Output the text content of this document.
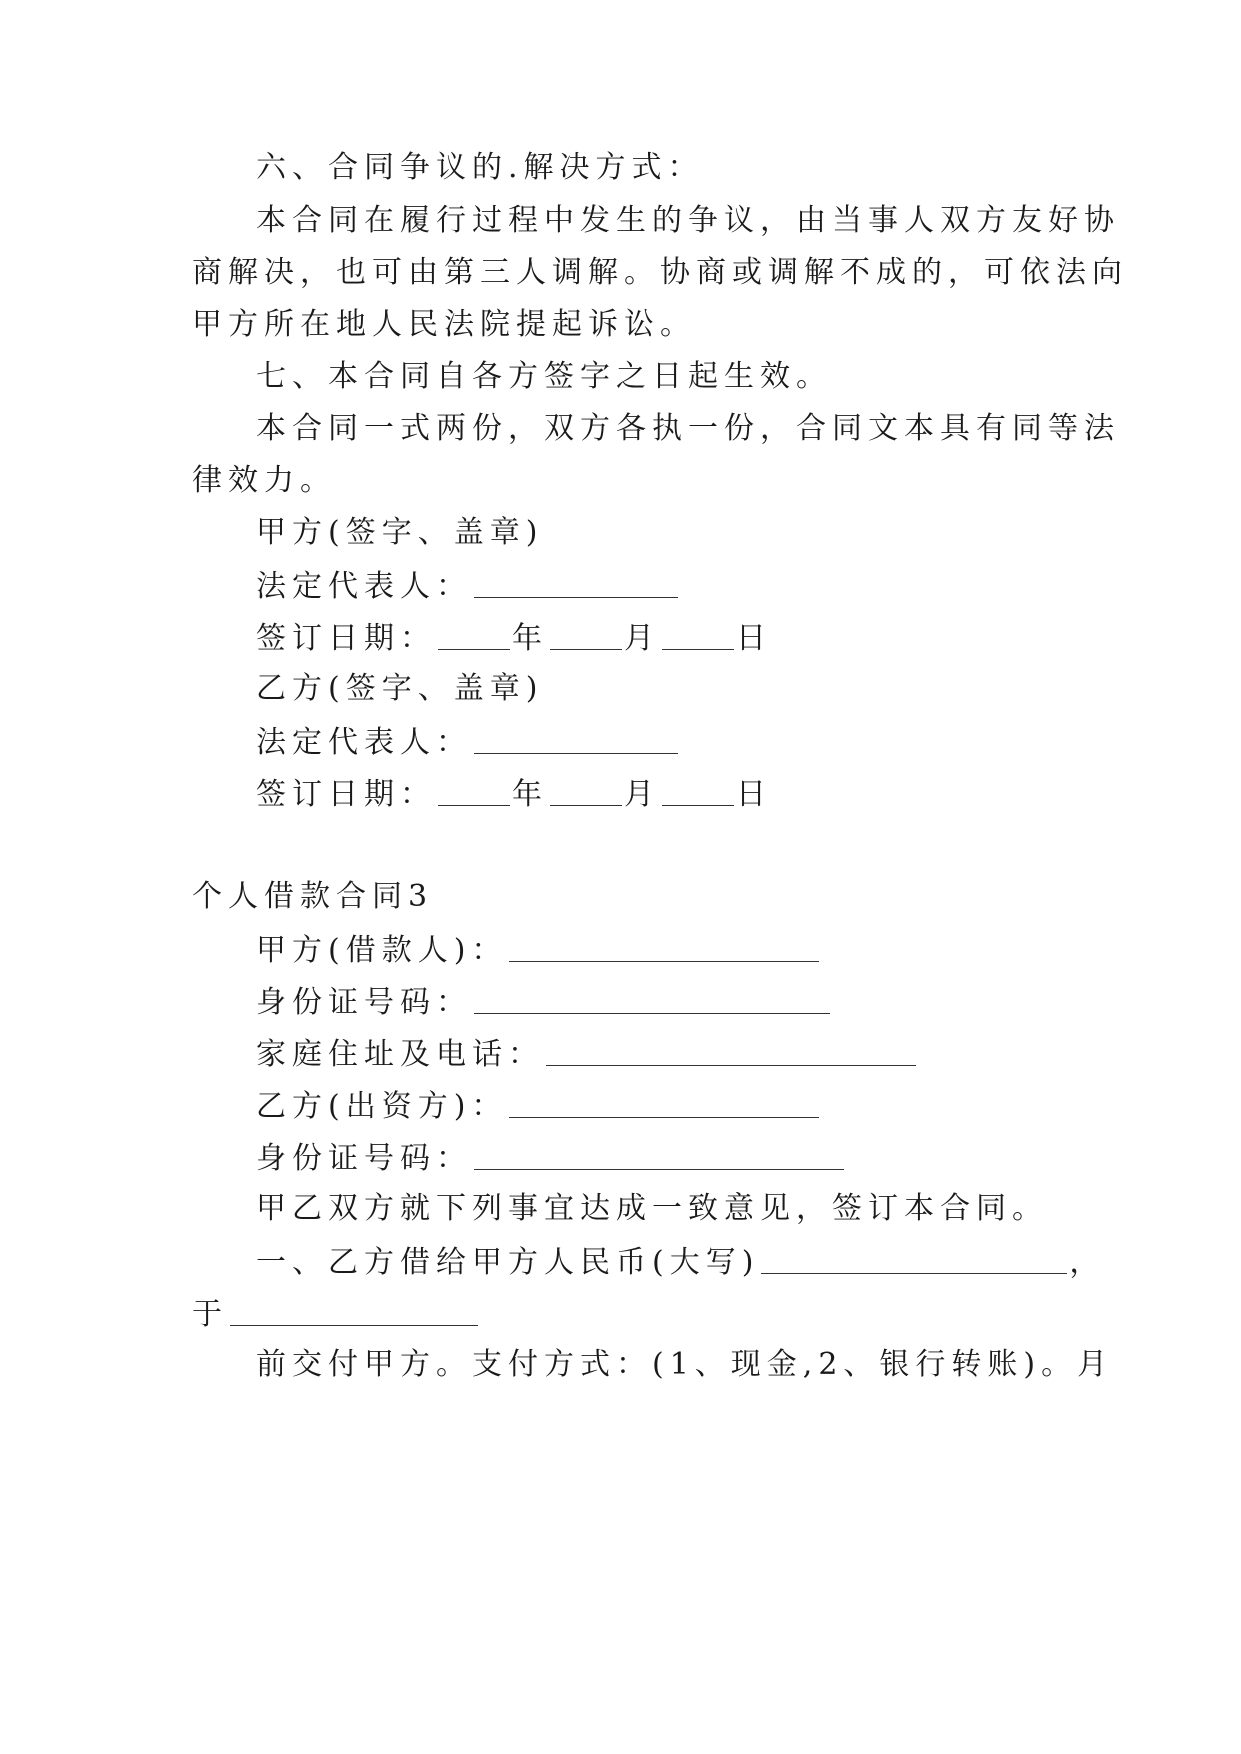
六、合同争议的.解决方式：
本合同在履行过程中发生的争议，由当事人双方友好协
商解决，也可由第三人调解。协商或调解不成的，可依法向
甲方所在地人民法院提起诉讼。
七、本合同自各方签字之日起生效。
本合同一式两份，双方各执一份，合同文本具有同等法
律效力。
甲方(签字、盖章)
法定代表人：
签订日期：	年	月	日
乙方(签字、盖章)
法定代表人：
签订日期：	年	月	日
个人借款合同3
甲方(借款人)：
身份证号码：
家庭住址及电话：
乙方(出资方)：
身份证号码：
甲乙双方就下列事宜达成一致意见，签订本合同。
一、乙方借给甲方人民币(大写)	，
于
前交付甲方。支付方式：(1、现金,2、银行转账)。月
